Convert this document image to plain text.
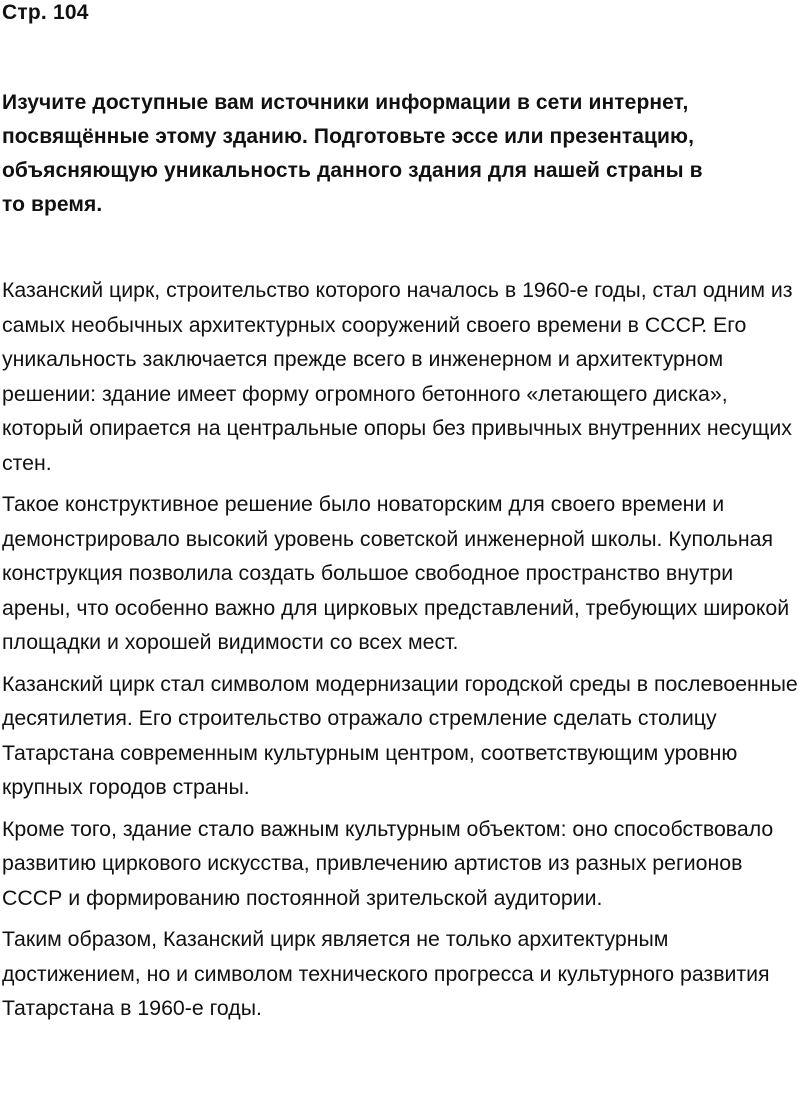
Стр. 104
Изучите доступные вам источники информации в сети интернет,
посвящённые этому зданию. Подготовьте эссе или презентацию,
объясняющую уникальность данного здания для нашей страны в
то время.

Казанский цирк, строительство которого началось в 1960-е годы, стал одним из самых необычных архитектурных сооружений своего времени в СССР. Его уникальность заключается прежде всего в инженерном и архитектурном решении: здание имеет форму огромного бетонного «летающего диска», который опирается на центральные опоры без привычных внутренних несущих стен.

Такое конструктивное решение было новаторским для своего времени и демонстрировало высокий уровень советской инженерной школы. Купольная конструкция позволила создать большое свободное пространство внутри арены, что особенно важно для цирковых представлений, требующих широкой площадки и хорошей видимости со всех мест.

Казанский цирк стал символом модернизации городской среды в послевоенные десятилетия. Его строительство отражало стремление сделать столицу Татарстана современным культурным центром, соответствующим уровню крупных городов страны.

Кроме того, здание стало важным культурным объектом: оно способствовало развитию циркового искусства, привлечению артистов из разных регионов СССР и формированию постоянной зрительской аудитории.

Таким образом, Казанский цирк является не только архитектурным достижением, но и символом технического прогресса и культурного развития Татарстана в 1960-е годы.
